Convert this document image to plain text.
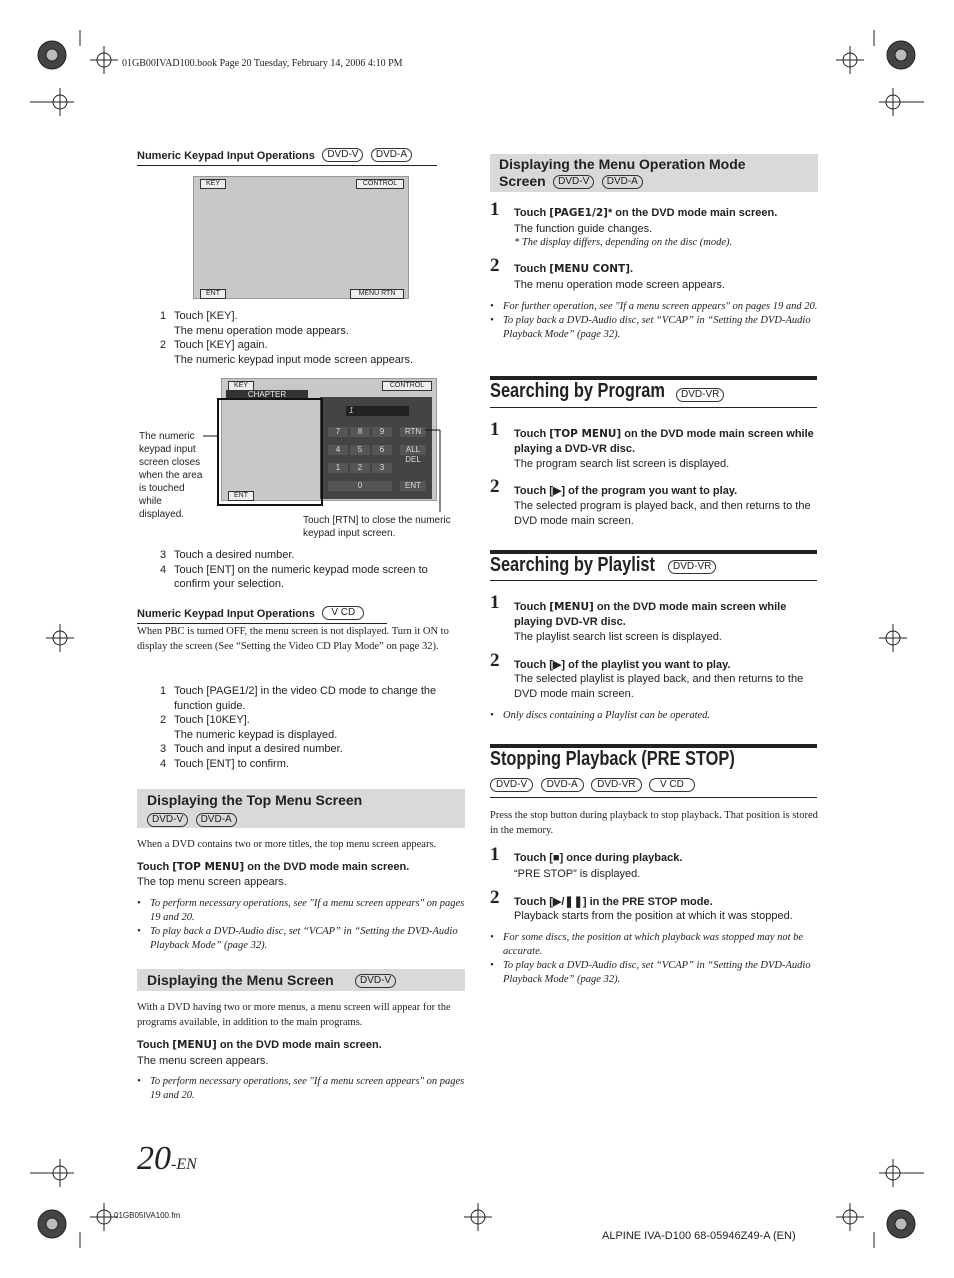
01GB00IVAD100.book Page 20 Tuesday, February 14, 2006 4:10 PM
Numeric Keypad Input Operations DVD-V DVD-A
KEY	CONTROL
ENT	MENU RTN
1 Touch [KEY].
The menu operation mode appears.
2 Touch [KEY] again.
The numeric keypad input mode screen appears.
KEY	CONTROL
CHAPTER
1
7	8	9
4	5	6
1	2	3
0
RTN
ALL DEL
ENT
ENT
The numeric keypad input screen closes when the area is touched while displayed.
Touch [RTN] to close the numeric keypad input screen.
3 Touch a desired number.
4 Touch [ENT] on the numeric keypad mode screen to confirm your selection.
Numeric Keypad Input Operations V CD
When PBC is turned OFF, the menu screen is not displayed. Turn it ON to display the screen (See “Setting the Video CD Play Mode” on page 32).
1 Touch [PAGE1/2] in the video CD mode to change the function guide.
2 Touch [10KEY].
The numeric keypad is displayed.
3 Touch and input a desired number.
4 Touch [ENT] to confirm.
Displaying the Top Menu Screen
DVD-V DVD-A
When a DVD contains two or more titles, the top menu screen appears.
Touch [TOP MENU] on the DVD mode main screen.
The top menu screen appears.
• To perform necessary operations, see "If a menu screen appears" on pages 19 and 20.
• To play back a DVD-Audio disc, set “VCAP” in “Setting the DVD-Audio Playback Mode” (page 32).
Displaying the Menu Screen	DVD-V
With a DVD having two or more menus, a menu screen will appear for the programs available, in addition to the main programs.
Touch [MENU] on the DVD mode main screen.
The menu screen appears.
• To perform necessary operations, see "If a menu screen appears" on pages 19 and 20.
Displaying the Menu Operation Mode
Screen DVD-V DVD-A
1 Touch [PAGE1/2]* on the DVD mode main screen.
The function guide changes.
* The display differs, depending on the disc (mode).
2 Touch [MENU CONT].
The menu operation mode screen appears.
• For further operation, see "If a menu screen appears" on pages 19 and 20.
• To play back a DVD-Audio disc, set “VCAP” in “Setting the DVD-Audio Playback Mode” (page 32).
Searching by Program	DVD-VR
1 Touch [TOP MENU] on the DVD mode main screen while playing a DVD-VR disc.
The program search list screen is displayed.
2 Touch [▶] of the program you want to play.
The selected program is played back, and then returns to the DVD mode main screen.
Searching by Playlist	DVD-VR
1 Touch [MENU] on the DVD mode main screen while playing DVD-VR disc.
The playlist search list screen is displayed.
2 Touch [▶] of the playlist you want to play.
The selected playlist is played back, and then returns to the DVD mode main screen.
• Only discs containing a Playlist can be operated.
Stopping Playback (PRE STOP)
DVD-V DVD-A DVD-VR V CD
Press the stop button during playback to stop playback. That position is stored in the memory.
1 Touch [■] once during playback.
“PRE STOP” is displayed.
2 Touch [▶/❚❚] in the PRE STOP mode.
Playback starts from the position at which it was stopped.
• For some discs, the position at which playback was stopped may not be accurate.
• To play back a DVD-Audio disc, set “VCAP” in “Setting the DVD-Audio Playback Mode” (page 32).
20-EN
01GB05IVA100.fm
ALPINE IVA-D100 68-05946Z49-A (EN)
